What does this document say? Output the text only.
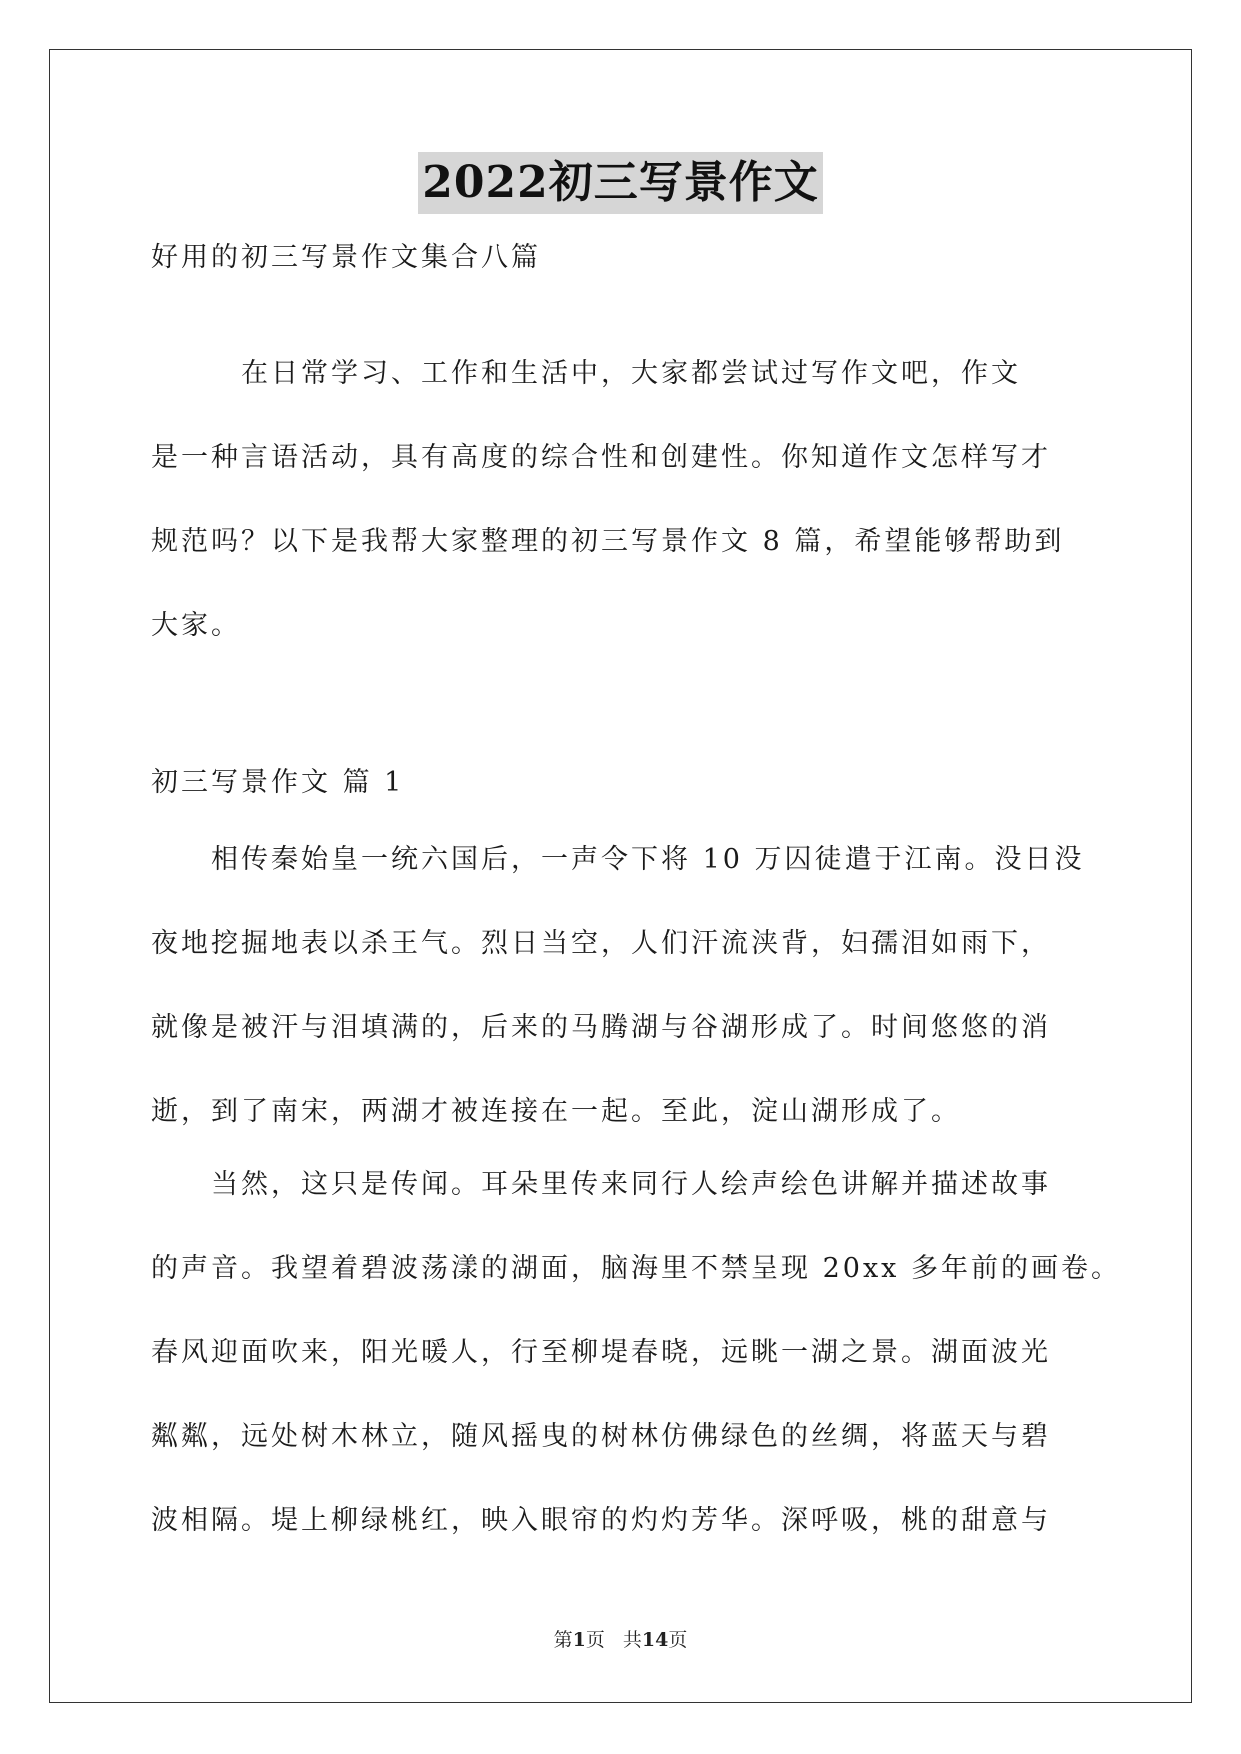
2022初三写景作文
好用的初三写景作文集合八篇
　　　在日常学习、工作和生活中，大家都尝试过写作文吧，作文
是一种言语活动，具有高度的综合性和创建性。你知道作文怎样写才
规范吗？以下是我帮大家整理的初三写景作文 8 篇，希望能够帮助到
大家。
初三写景作文 篇 1
　　相传秦始皇一统六国后，一声令下将 10 万囚徒遣于江南。没日没
夜地挖掘地表以杀王气。烈日当空，人们汗流浃背，妇孺泪如雨下，
就像是被汗与泪填满的，后来的马腾湖与谷湖形成了。时间悠悠的消
逝，到了南宋，两湖才被连接在一起。至此，淀山湖形成了。
　　当然，这只是传闻。耳朵里传来同行人绘声绘色讲解并描述故事
的声音。我望着碧波荡漾的湖面，脑海里不禁呈现 20xx 多年前的画卷。
春风迎面吹来，阳光暖人，行至柳堤春晓，远眺一湖之景。湖面波光
粼粼，远处树木林立，随风摇曳的树林仿佛绿色的丝绸，将蓝天与碧
波相隔。堤上柳绿桃红，映入眼帘的灼灼芳华。深呼吸，桃的甜意与
第1页 共14页
